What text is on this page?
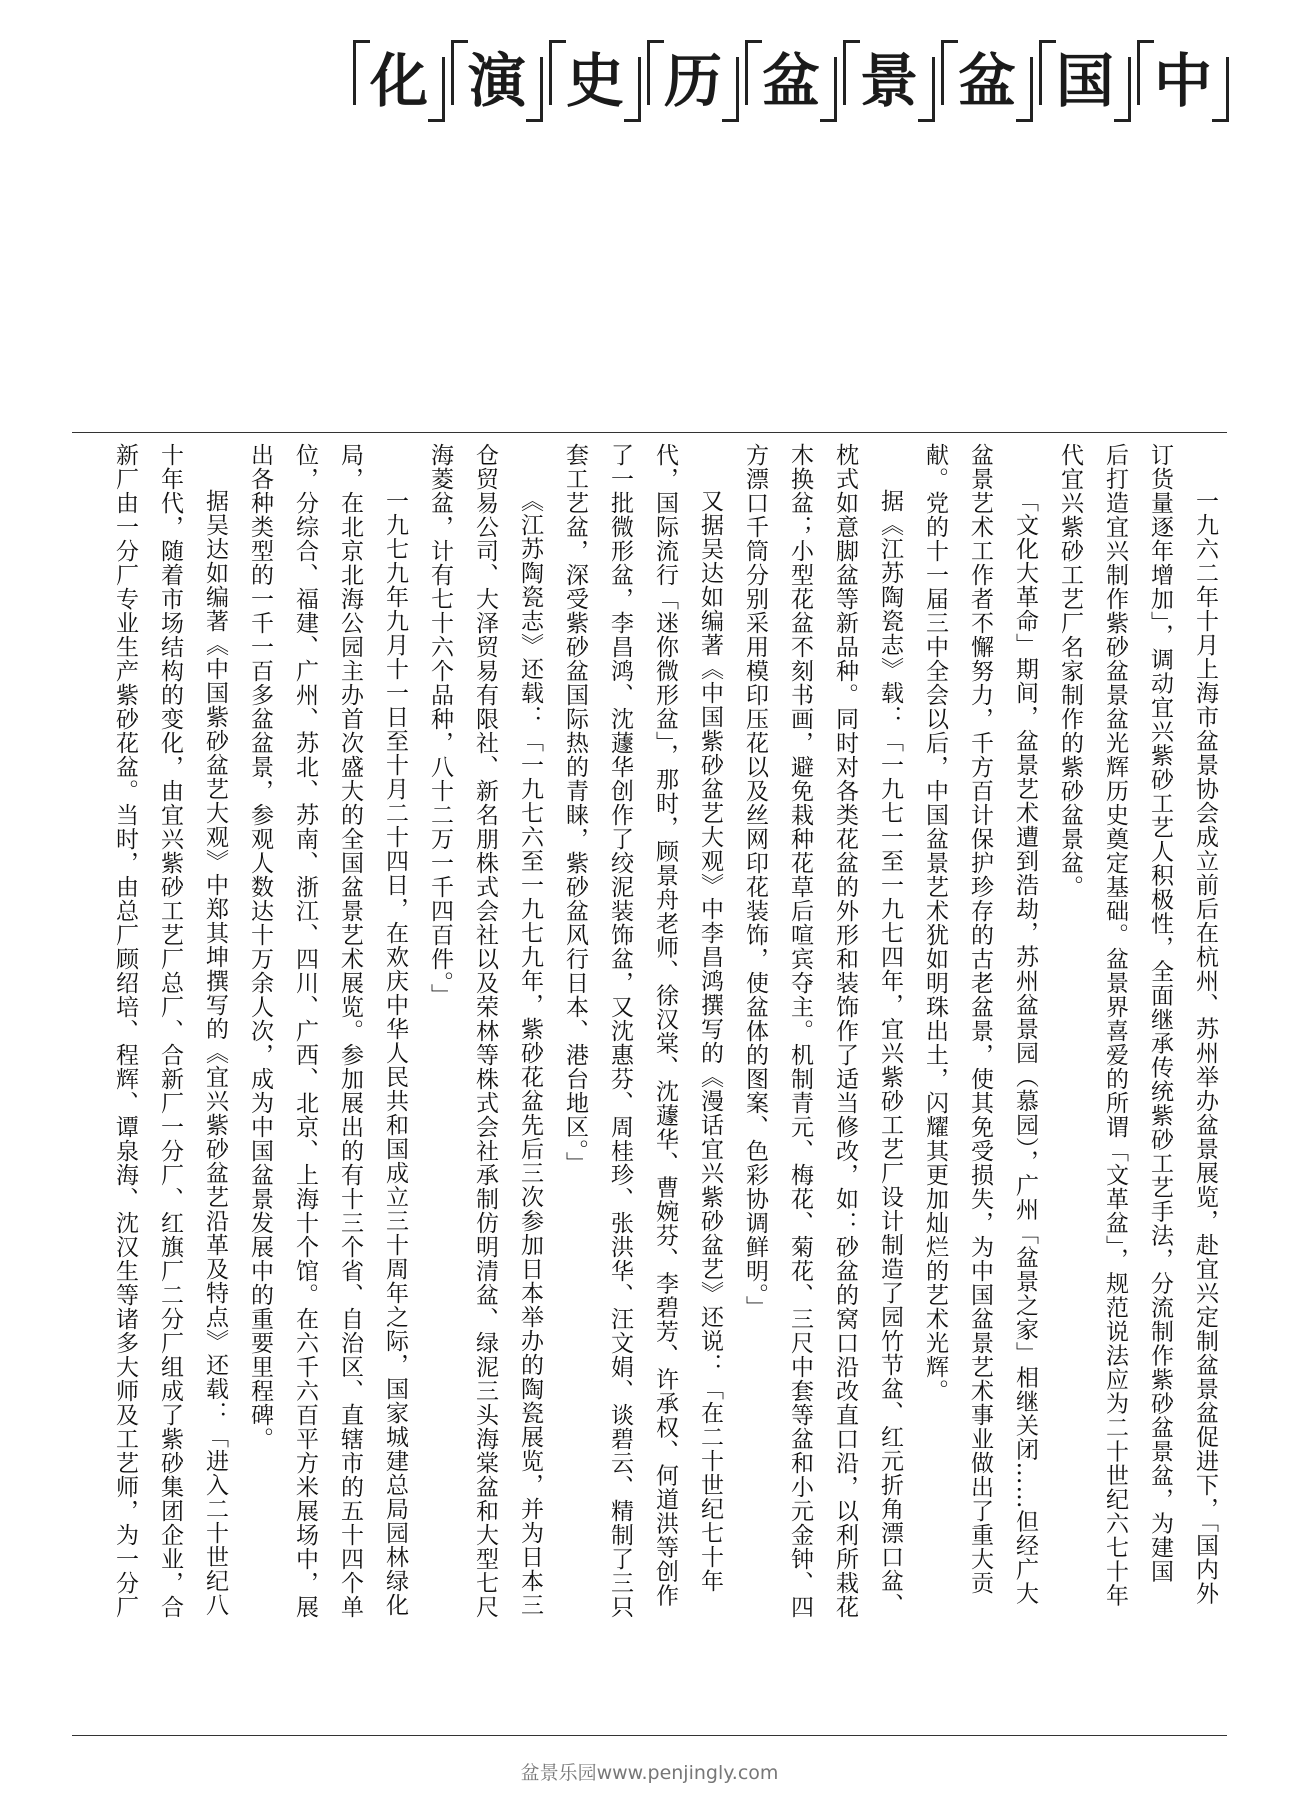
中
国
盆
景
盆
历
史
演
化
一九六二年十月上海市盆景协会成立前后在杭州、苏州举办盆景展览，赴宜兴定制盆景盆促进下，「国内外
订货量逐年增加」，调动宜兴紫砂工艺人积极性，全面继承传统紫砂工艺手法，分流制作紫砂盆景盆，为建国
后打造宜兴制作紫砂盆景盆光辉历史奠定基础。盆景界喜爱的所谓「文革盆」，规范说法应为二十世纪六七十年
代宜兴紫砂工艺厂名家制作的紫砂盆景盆。
「文化大革命」期间，盆景艺术遭到浩劫，苏州盆景园（慕园），广州「盆景之家」相继关闭……但经广大
盆景艺术工作者不懈努力，千方百计保护珍存的古老盆景，使其免受损失，为中国盆景艺术事业做出了重大贡
献。党的十一届三中全会以后，中国盆景艺术犹如明珠出土，闪耀其更加灿烂的艺术光辉。
据《江苏陶瓷志》载：「一九七一至一九七四年，宜兴紫砂工艺厂设计制造了园竹节盆、红元折角漂口盆、
枕式如意脚盆等新品种。同时对各类花盆的外形和装饰作了适当修改，如：砂盆的窝口沿改直口沿，以利所栽花
木换盆；小型花盆不刻书画，避免栽种花草后喧宾夺主。机制青元、梅花、菊花、三尺中套等盆和小元金钟、四
方漂口千筒分别采用模印压花以及丝网印花装饰，使盆体的图案、色彩协调鲜明。」
又据吴达如编著《中国紫砂盆艺大观》中李昌鸿撰写的《漫话宜兴紫砂盆艺》还说：「在二十世纪七十年
代，国际流行「迷你微形盆」，那时，顾景舟老师、徐汉棠、沈蘧华、曹婉芬、李碧芳、许承权、何道洪等创作
了一批微形盆，李昌鸿、沈蘧华创作了绞泥装饰盆，又沈惠芬、周桂珍、张洪华、汪文娟、谈碧云、精制了三只
套工艺盆，深受紫砂盆国际热的青睐，紫砂盆风行日本、港台地区。」
《江苏陶瓷志》还载：「一九七六至一九七九年，紫砂花盆先后三次参加日本举办的陶瓷展览，并为日本三
仓贸易公司、大泽贸易有限社、新名朋株式会社以及荣林等株式会社承制仿明清盆、绿泥三头海棠盆和大型七尺
海菱盆，计有七十六个品种，八十二万一千四百件。」
一九七九年九月十一日至十月二十四日，在欢庆中华人民共和国成立三十周年之际，国家城建总局园林绿化
局，在北京北海公园主办首次盛大的全国盆景艺术展览。参加展出的有十三个省、自治区、直辖市的五十四个单
位，分综合、福建、广州、苏北、苏南、浙江、四川、广西、北京、上海十个馆。在六千六百平方米展场中，展
出各种类型的一千一百多盆盆景，参观人数达十万余人次，成为中国盆景发展中的重要里程碑。
据吴达如编著《中国紫砂盆艺大观》中郑其坤撰写的《宜兴紫砂盆艺沿革及特点》还载：「进入二十世纪八
十年代，随着市场结构的变化，由宜兴紫砂工艺厂总厂、合新厂一分厂、红旗厂二分厂组成了紫砂集团企业，合
新厂由一分厂专业生产紫砂花盆。当时，由总厂顾绍培、程辉、谭泉海、沈汉生等诸多大师及工艺师，为一分厂
盆景乐园www.penjingly.com
